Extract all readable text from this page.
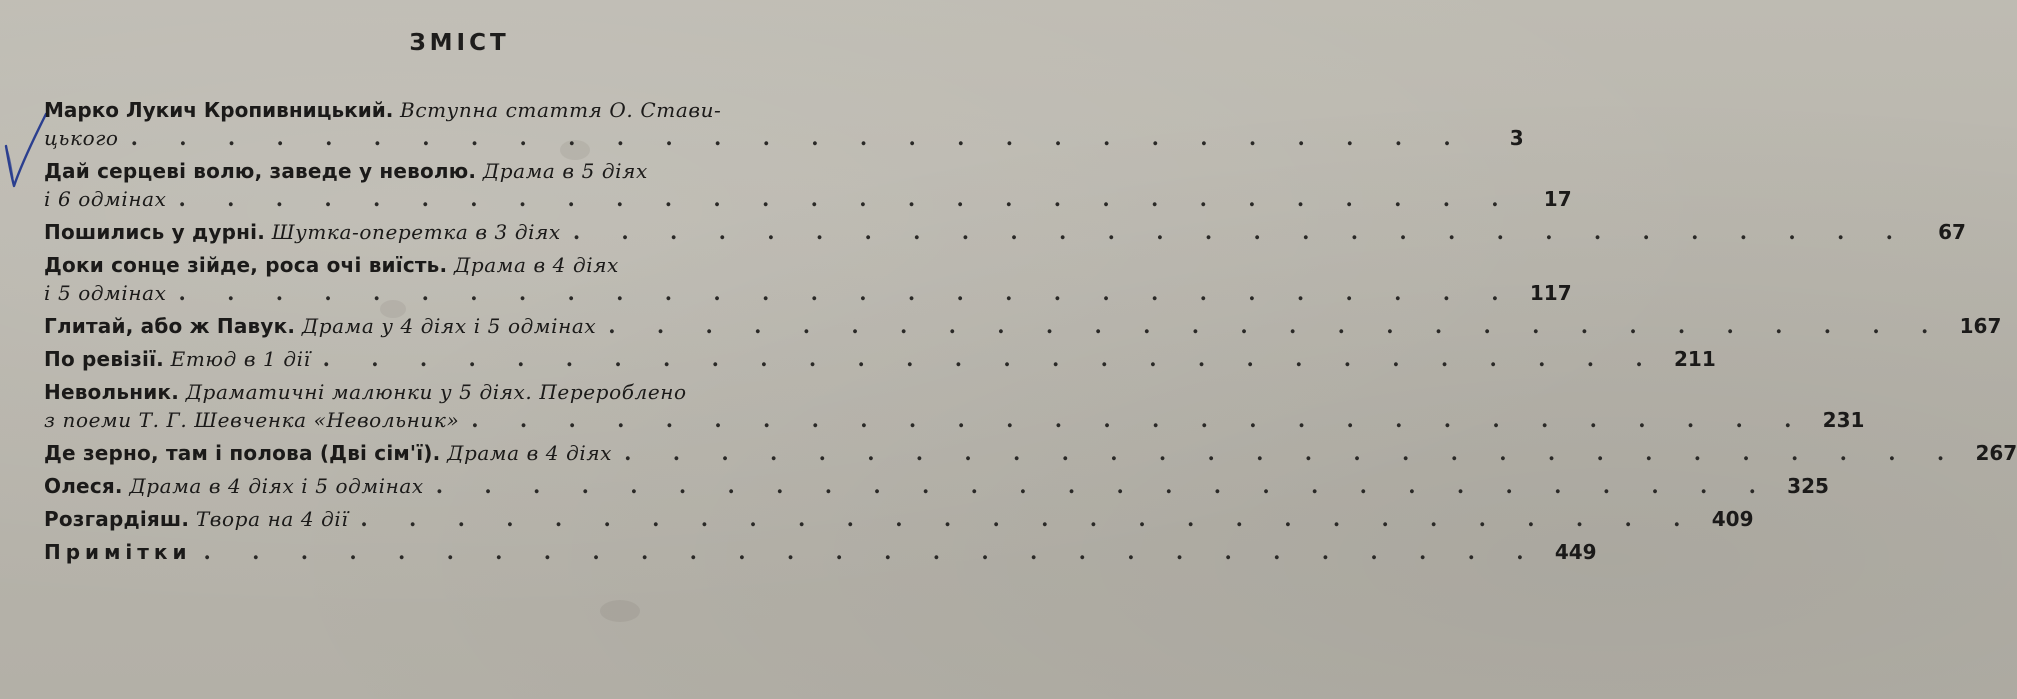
ЗМІСТ
Марко Лукич Кропивницький. Вступна стаття О. Стави-
цького . . . . . . . . . . . . . . . . . . . . . . . . . . . .	3
Дай серцеві волю, заведе у неволю. Драма в 5 діях
і 6 одмінах . . . . . . . . . . . . . . . . . . . . . . . . . . . .	17
Пошились у дурні. Шутка-оперетка в 3 діях . . . . . . . . . . . . . . . . . . . . . . . . . . . .	67
Доки сонце зійде, роса очі виїсть. Драма в 4 діях
і 5 одмінах . . . . . . . . . . . . . . . . . . . . . . . . . . . . 117
Глитай, або ж Павук. Драма у 4 діях і 5 одмінах . . . . . . . . . . . . . . . . . . . . . . . . . . . . 167
По ревізії. Етюд в 1 дії . . . . . . . . . . . . . . . . . . . . . . . . . . . . 211
Невольник. Драматичні малюнки у 5 діях. Перероблено
з поеми Т. Г. Шевченка «Невольник» . . . . . . . . . . . . . . . . . . . . . . . . . . . . 231
Де зерно, там і полова (Дві сім'ї). Драма в 4 діях . . . . . . . . . . . . . . . . . . . . . . . . . . . . 267
Олеся. Драма в 4 діях і 5 одмінах . . . . . . . . . . . . . . . . . . . . . . . . . . . . 325
Розгардіяш. Твора на 4 дії . . . . . . . . . . . . . . . . . . . . . . . . . . . . 409
Примітки . . . . . . . . . . . . . . . . . . . . . . . . . . . . 449
